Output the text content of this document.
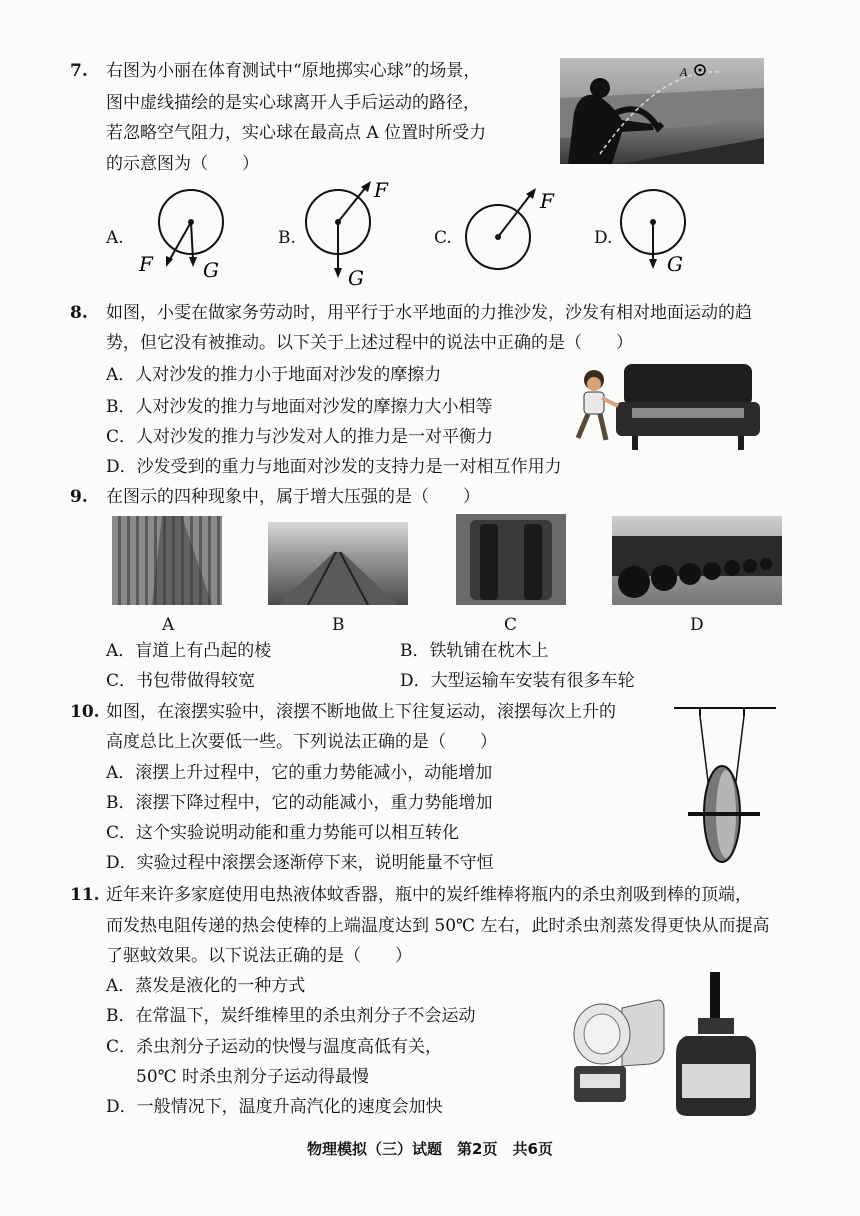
7. 右图为小丽在体育测试中“原地掷实心球”的场景，
图中虚线描绘的是实心球离开人手后运动的路径，
若忽略空气阻力，实心球在最高点 A 位置时所受力
的示意图为（　　）
A
A.
F	G
B.
F
G
C.
F
D.
G
8. 如图，小雯在做家务劳动时，用平行于水平地面的力推沙发，沙发有相对地面运动的趋
势，但它没有被推动。以下关于上述过程中的说法中正确的是（　　）
A．人对沙发的推力小于地面对沙发的摩擦力
B．人对沙发的推力与地面对沙发的摩擦力大小相等
C．人对沙发的推力与沙发对人的推力是一对平衡力
D．沙发受到的重力与地面对沙发的支持力是一对相互作用力
9. 在图示的四种现象中，属于增大压强的是（　　）
A	B	C	D
A．盲道上有凸起的棱	B．铁轨铺在枕木上
C．书包带做得较宽	D．大型运输车安装有很多车轮
10. 如图，在滚摆实验中，滚摆不断地做上下往复运动，滚摆每次上升的
高度总比上次要低一些。下列说法正确的是（　　）
A．滚摆上升过程中，它的重力势能减小，动能增加
B．滚摆下降过程中，它的动能减小，重力势能增加
C．这个实验说明动能和重力势能可以相互转化
D．实验过程中滚摆会逐渐停下来，说明能量不守恒
11. 近年来许多家庭使用电热液体蚊香器，瓶中的炭纤维棒将瓶内的杀虫剂吸到棒的顶端，
而发热电阻传递的热会使棒的上端温度达到 50℃ 左右，此时杀虫剂蒸发得更快从而提高
了驱蚊效果。以下说法正确的是（　　）
A．蒸发是液化的一种方式
B．在常温下，炭纤维棒里的杀虫剂分子不会运动
C．杀虫剂分子运动的快慢与温度高低有关，
50℃ 时杀虫剂分子运动得最慢
D．一般情况下，温度升高汽化的速度会加快
物理模拟（三）试题　第2页　共6页
